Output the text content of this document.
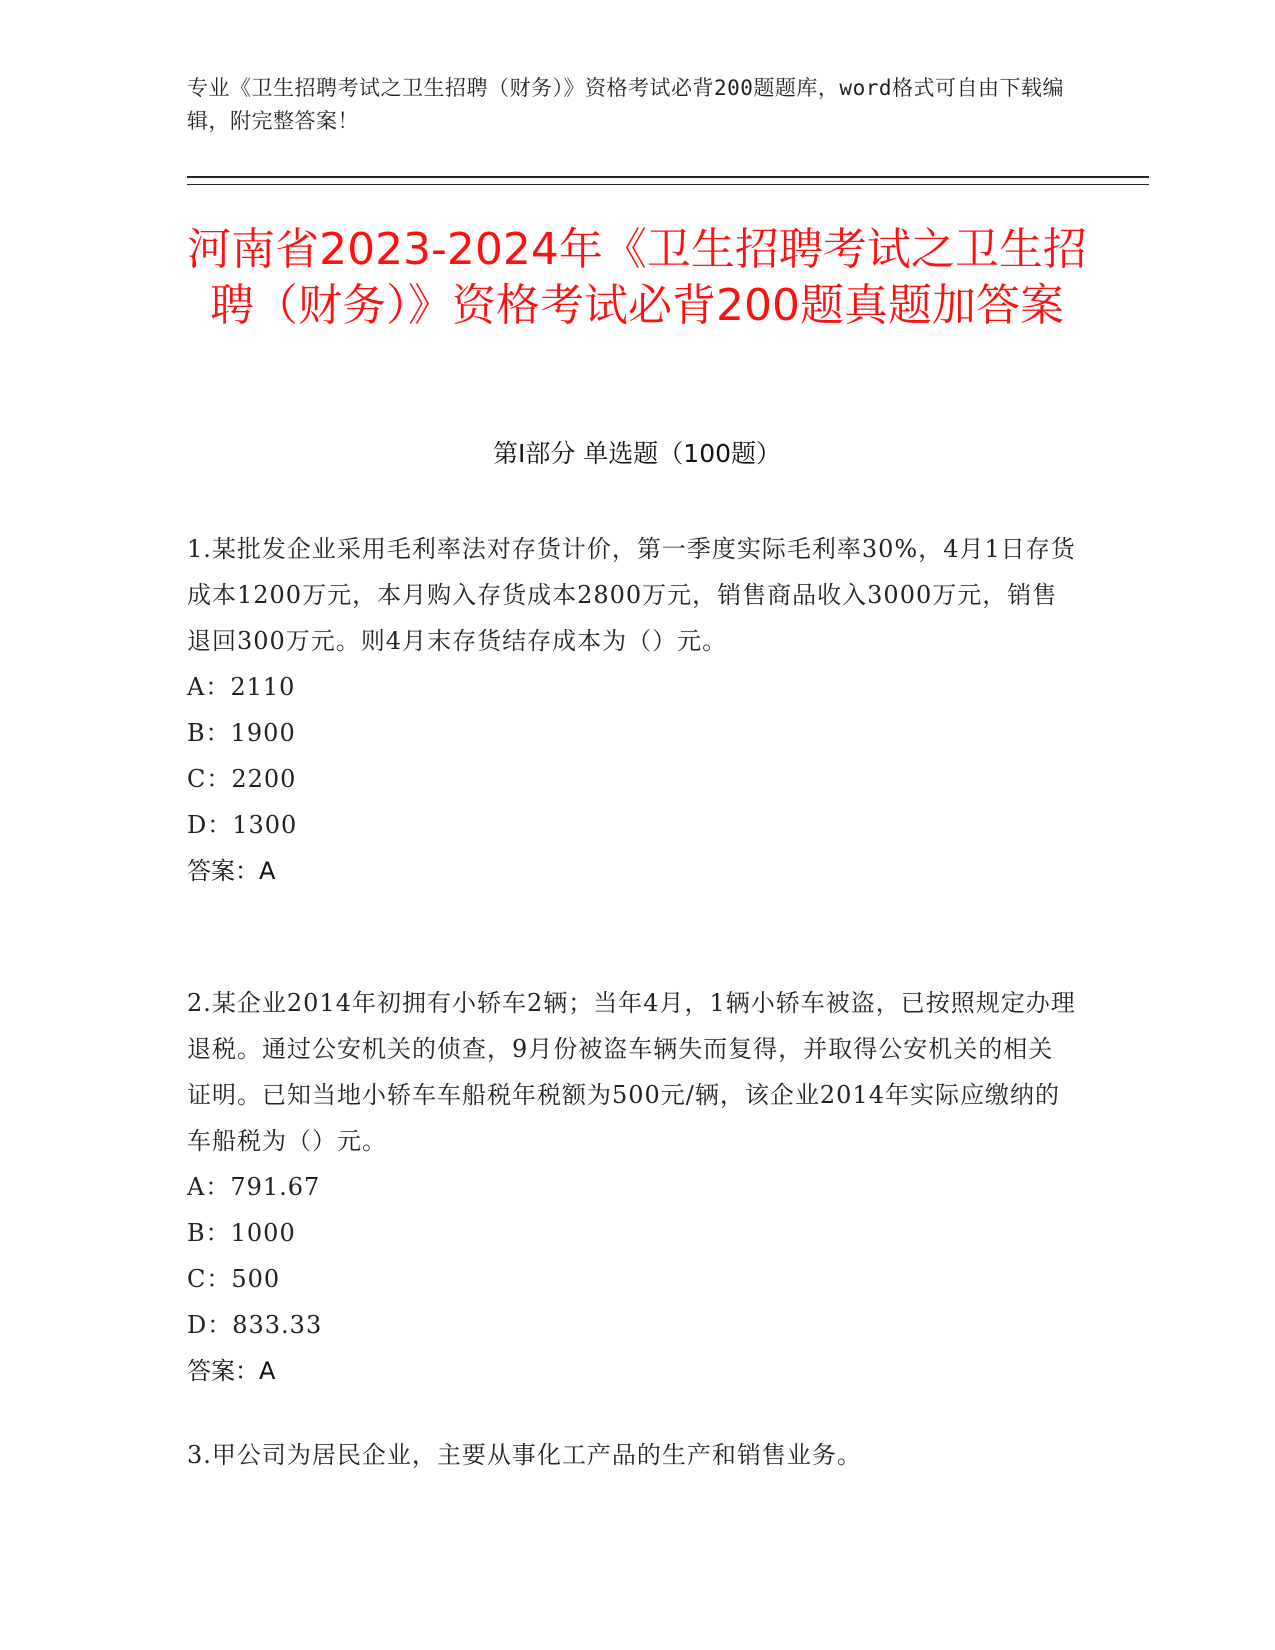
专业《卫生招聘考试之卫生招聘（财务）》资格考试必背200题题库，word格式可自由下载编辑，附完整答案！
河南省2023-2024年《卫生招聘考试之卫生招聘（财务）》资格考试必背200题真题加答案
第I部分 单选题（100题）
1.某批发企业采用毛利率法对存货计价，第一季度实际毛利率30%，4月1日存货成本1200万元，本月购入存货成本2800万元，销售商品收入3000万元，销售退回300万元。则4月末存货结存成本为（）元。
A：2110
B：1900
C：2200
D：1300
答案：A
2.某企业2014年初拥有小轿车2辆；当年4月，1辆小轿车被盗，已按照规定办理退税。通过公安机关的侦查，9月份被盗车辆失而复得，并取得公安机关的相关证明。已知当地小轿车车船税年税额为500元/辆，该企业2014年实际应缴纳的车船税为（）元。
A：791.67
B：1000
C：500
D：833.33
答案：A
3.甲公司为居民企业，主要从事化工产品的生产和销售业务。
